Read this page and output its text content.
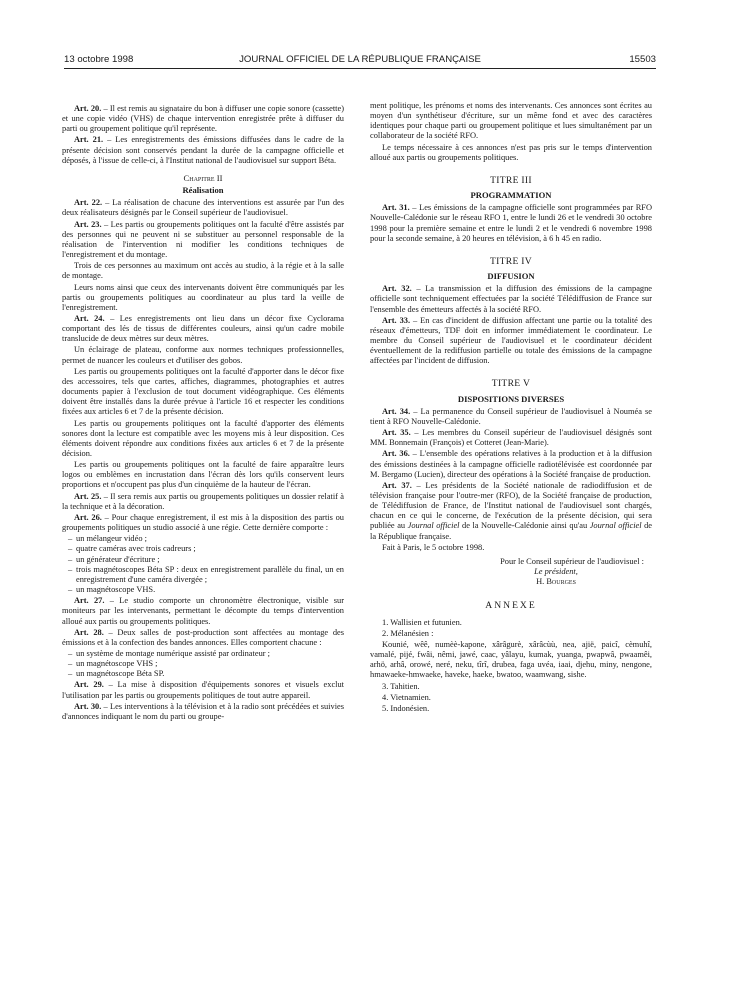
13 octobre 1998	JOURNAL OFFICIEL DE LA RÉPUBLIQUE FRANÇAISE	15503

Art. 20. – Il est remis au signataire du bon à diffuser une copie sonore (cassette) et une copie vidéo (VHS) de chaque intervention enregistrée prête à diffuser du parti ou groupement politique qu'il représente.

Art. 21. – Les enregistrements des émissions diffusées dans le cadre de la présente décision sont conservés pendant la durée de la campagne officielle et déposés, à l'issue de celle-ci, à l'Institut national de l'audiovisuel sur support Béta.

Chapitre II
Réalisation

Art. 22. – La réalisation de chacune des interventions est assurée par l'un des deux réalisateurs désignés par le Conseil supérieur de l'audiovisuel.

Art. 23. – Les partis ou groupements politiques ont la faculté d'être assistés par des personnes qui ne peuvent ni se substituer au personnel responsable de la réalisation de l'intervention ni modifier les conditions techniques de l'enregistrement et du montage.

Trois de ces personnes au maximum ont accès au studio, à la régie et à la salle de montage.

Leurs noms ainsi que ceux des intervenants doivent être communiqués par les partis ou groupements politiques au coordinateur au plus tard la veille de l'enregistrement.

Art. 24. – Les enregistrements ont lieu dans un décor fixe Cyclorama comportant des lés de tissus de différentes couleurs, ainsi qu'un cadre mobile translucide de deux mètres sur deux mètres.

Un éclairage de plateau, conforme aux normes techniques professionnelles, permet de nuancer les couleurs et d'utiliser des gobos.

Les partis ou groupements politiques ont la faculté d'apporter dans le décor fixe des accessoires, tels que cartes, affiches, diagrammes, photographies et autres documents papier à l'exclusion de tout document vidéographique. Ces éléments doivent être installés dans la durée prévue à l'article 16 et respecter les conditions fixées aux articles 6 et 7 de la présente décision.

Les partis ou groupements politiques ont la faculté d'apporter des éléments sonores dont la lecture est compatible avec les moyens mis à leur disposition. Ces éléments doivent répondre aux conditions fixées aux articles 6 et 7 de la présente décision.

Les partis ou groupements politiques ont la faculté de faire apparaître leurs logos ou emblèmes en incrustation dans l'écran dès lors qu'ils conservent leurs proportions et n'occupent pas plus d'un cinquième de la hauteur de l'écran.

Art. 25. – Il sera remis aux partis ou groupements politiques un dossier relatif à la technique et à la décoration.

Art. 26. – Pour chaque enregistrement, il est mis à la disposition des partis ou groupements politiques un studio associé à une régie. Cette dernière comporte :

– un mélangeur vidéo ;
– quatre caméras avec trois cadreurs ;
– un générateur d'écriture ;
– trois magnétoscopes Béta SP : deux en enregistrement parallèle du final, un en enregistrement d'une caméra divergée ;
– un magnétoscope VHS.

Art. 27. – Le studio comporte un chronomètre électronique, visible sur moniteurs par les intervenants, permettant le décompte du temps d'intervention alloué aux partis ou groupements politiques.

Art. 28. – Deux salles de post-production sont affectées au montage des émissions et à la confection des bandes annonces. Elles comportent chacune :

– un système de montage numérique assisté par ordinateur ;
– un magnétoscope VHS ;
– un magnétoscope Béta SP.

Art. 29. – La mise à disposition d'équipements sonores et visuels exclut l'utilisation par les partis ou groupements politiques de tout autre appareil.

Art. 30. – Les interventions à la télévision et à la radio sont précédées et suivies d'annonces indiquant le nom du parti ou groupe-

ment politique, les prénoms et noms des intervenants. Ces annonces sont écrites au moyen d'un synthétiseur d'écriture, sur un même fond et avec des caractères identiques pour chaque parti ou groupement politique et lues simultanément par un collaborateur de la société RFO.

Le temps nécessaire à ces annonces n'est pas pris sur le temps d'intervention alloué aux partis ou groupements politiques.

TITRE III
PROGRAMMATION

Art. 31. – Les émissions de la campagne officielle sont programmées par RFO Nouvelle-Calédonie sur le réseau RFO 1, entre le lundi 26 et le vendredi 30 octobre 1998 pour la première semaine et entre le lundi 2 et le vendredi 6 novembre 1998 pour la seconde semaine, à 20 heures en télévision, à 6 h 45 en radio.

TITRE IV
DIFFUSION

Art. 32. – La transmission et la diffusion des émissions de la campagne officielle sont techniquement effectuées par la société Télédiffusion de France sur l'ensemble des émetteurs affectés à la société RFO.

Art. 33. – En cas d'incident de diffusion affectant une partie ou la totalité des réseaux d'émetteurs, TDF doit en informer immédiatement le coordinateur. Le membre du Conseil supérieur de l'audiovisuel et le coordinateur décident éventuellement de la rediffusion partielle ou totale des émissions de la campagne affectées par l'incident de diffusion.

TITRE V
DISPOSITIONS DIVERSES

Art. 34. – La permanence du Conseil supérieur de l'audiovisuel à Nouméa se tient à RFO Nouvelle-Calédonie.

Art. 35. – Les membres du Conseil supérieur de l'audiovisuel désignés sont MM. Bonnemain (François) et Cotteret (Jean-Marie).

Art. 36. – L'ensemble des opérations relatives à la production et à la diffusion des émissions destinées à la campagne officielle radiotélévisée est coordonnée par M. Bergamo (Lucien), directeur des opérations à la Société française de production.

Art. 37. – Les présidents de la Société nationale de radiodiffusion et de télévision française pour l'outre-mer (RFO), de la Société française de production, de Télédiffusion de France, de l'Institut national de l'audiovisuel sont chargés, chacun en ce qui le concerne, de l'exécution de la présente décision, qui sera publiée au Journal officiel de la Nouvelle-Calédonie ainsi qu'au Journal officiel de la République française.

Fait à Paris, le 5 octobre 1998.

Pour le Conseil supérieur de l'audiovisuel :
Le président,
H. Bourges
ANNEXE
1. Wallisien et futunien.
2. Mélanésien :

Kounié, wêê, numèè-kapone, xârâgurè, xârâcùù, nea, ajië, paicî, cèmuhî, vamalé, pijé, fwâi, nêmi, jawé, caac, yâlayu, kumak, yuanga, pwapwâ, pwaamêi, arhö, arhâ, orowé, neré, neku, tîrî, drubea, faga uvéa, iaai, djehu, miny, nengone, hmawaeke-hmwaeke, haveke, haeke, bwatoo, waamwang, sishe.

3. Tahitien.
4. Vietnamien.
5. Indonésien.
